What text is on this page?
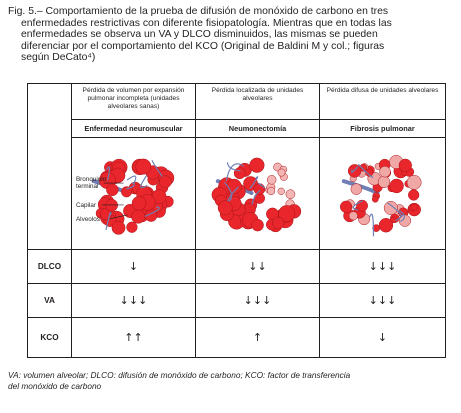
Fig. 5.– Comportamiento de la prueba de difusión de monóxido de carbono en tres
enfermedades restrictivas con diferente fisiopatología. Mientras que en todas las
enfermedades se observa un VA y DLCO disminuidos, las mismas se pueden
diferenciar por el comportamiento del KCO (Original de Baldini M y col.; figuras
según DeCato⁴)

	Pérdida de volumen por expansión pulmonar incompleta (unidades alveolares sanas)	Pérdida localizada de unidades alveolares	Pérdida difusa de unidades alveolares

	Enfermedad neuromuscular	Neumonectomía	Fibrosis pulmonar

Bronquiolo terminal
Capilar
Alveolos

DLCO	↓	↓↓	↓↓↓
VA	↓↓↓	↓↓↓	↓↓↓
KCO	↑↑	↑	↓
VA: volumen alveolar; DLCO: difusión de monóxido de carbono; KCO: factor de transferencia
del monóxido de carbono
